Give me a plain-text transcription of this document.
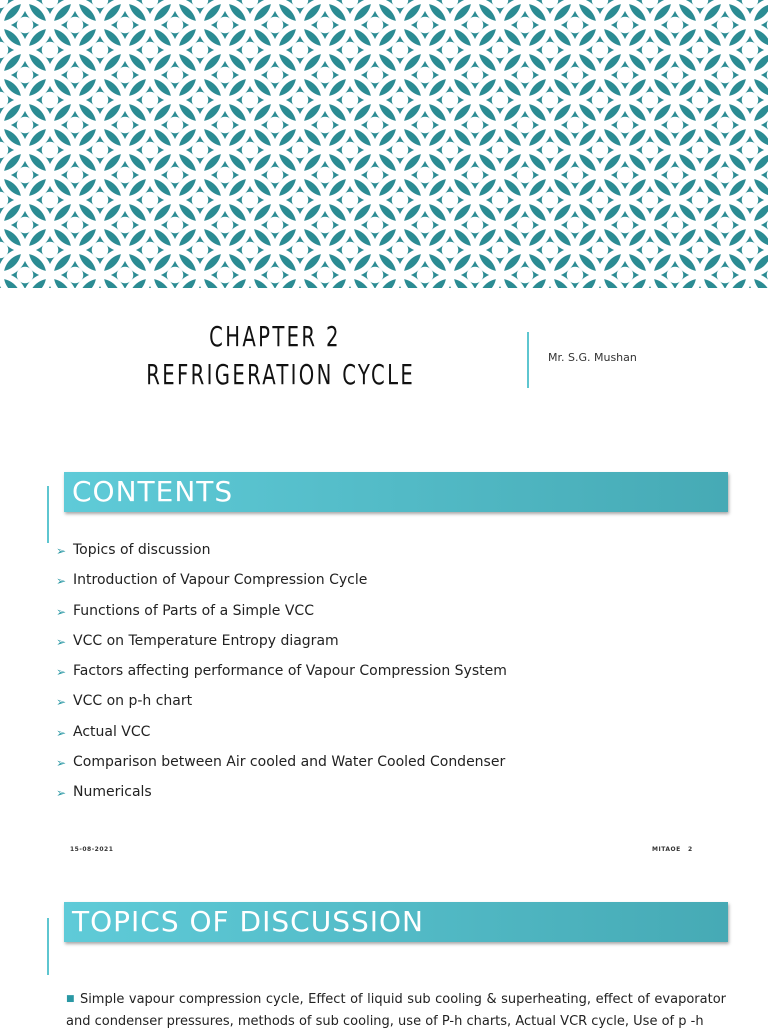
CHAPTER 2
REFRIGERATION CYCLE
Mr. S.G. Mushan
CONTENTS
➢ Topics of discussion
➢ Introduction of Vapour Compression Cycle
➢ Functions of Parts of a Simple VCC
➢ VCC on Temperature Entropy diagram
➢ Factors affecting performance of Vapour Compression System
➢ VCC on p-h chart
➢ Actual VCC
➢ Comparison between Air cooled and Water Cooled Condenser
➢ Numericals
15-08-2021	MITAOE 2
TOPICS OF DISCUSSION
■ Simple vapour compression cycle, Effect of liquid sub cooling & superheating, effect of evaporator and condenser pressures, methods of sub cooling, use of P-h charts, Actual VCR cycle, Use of p -h
